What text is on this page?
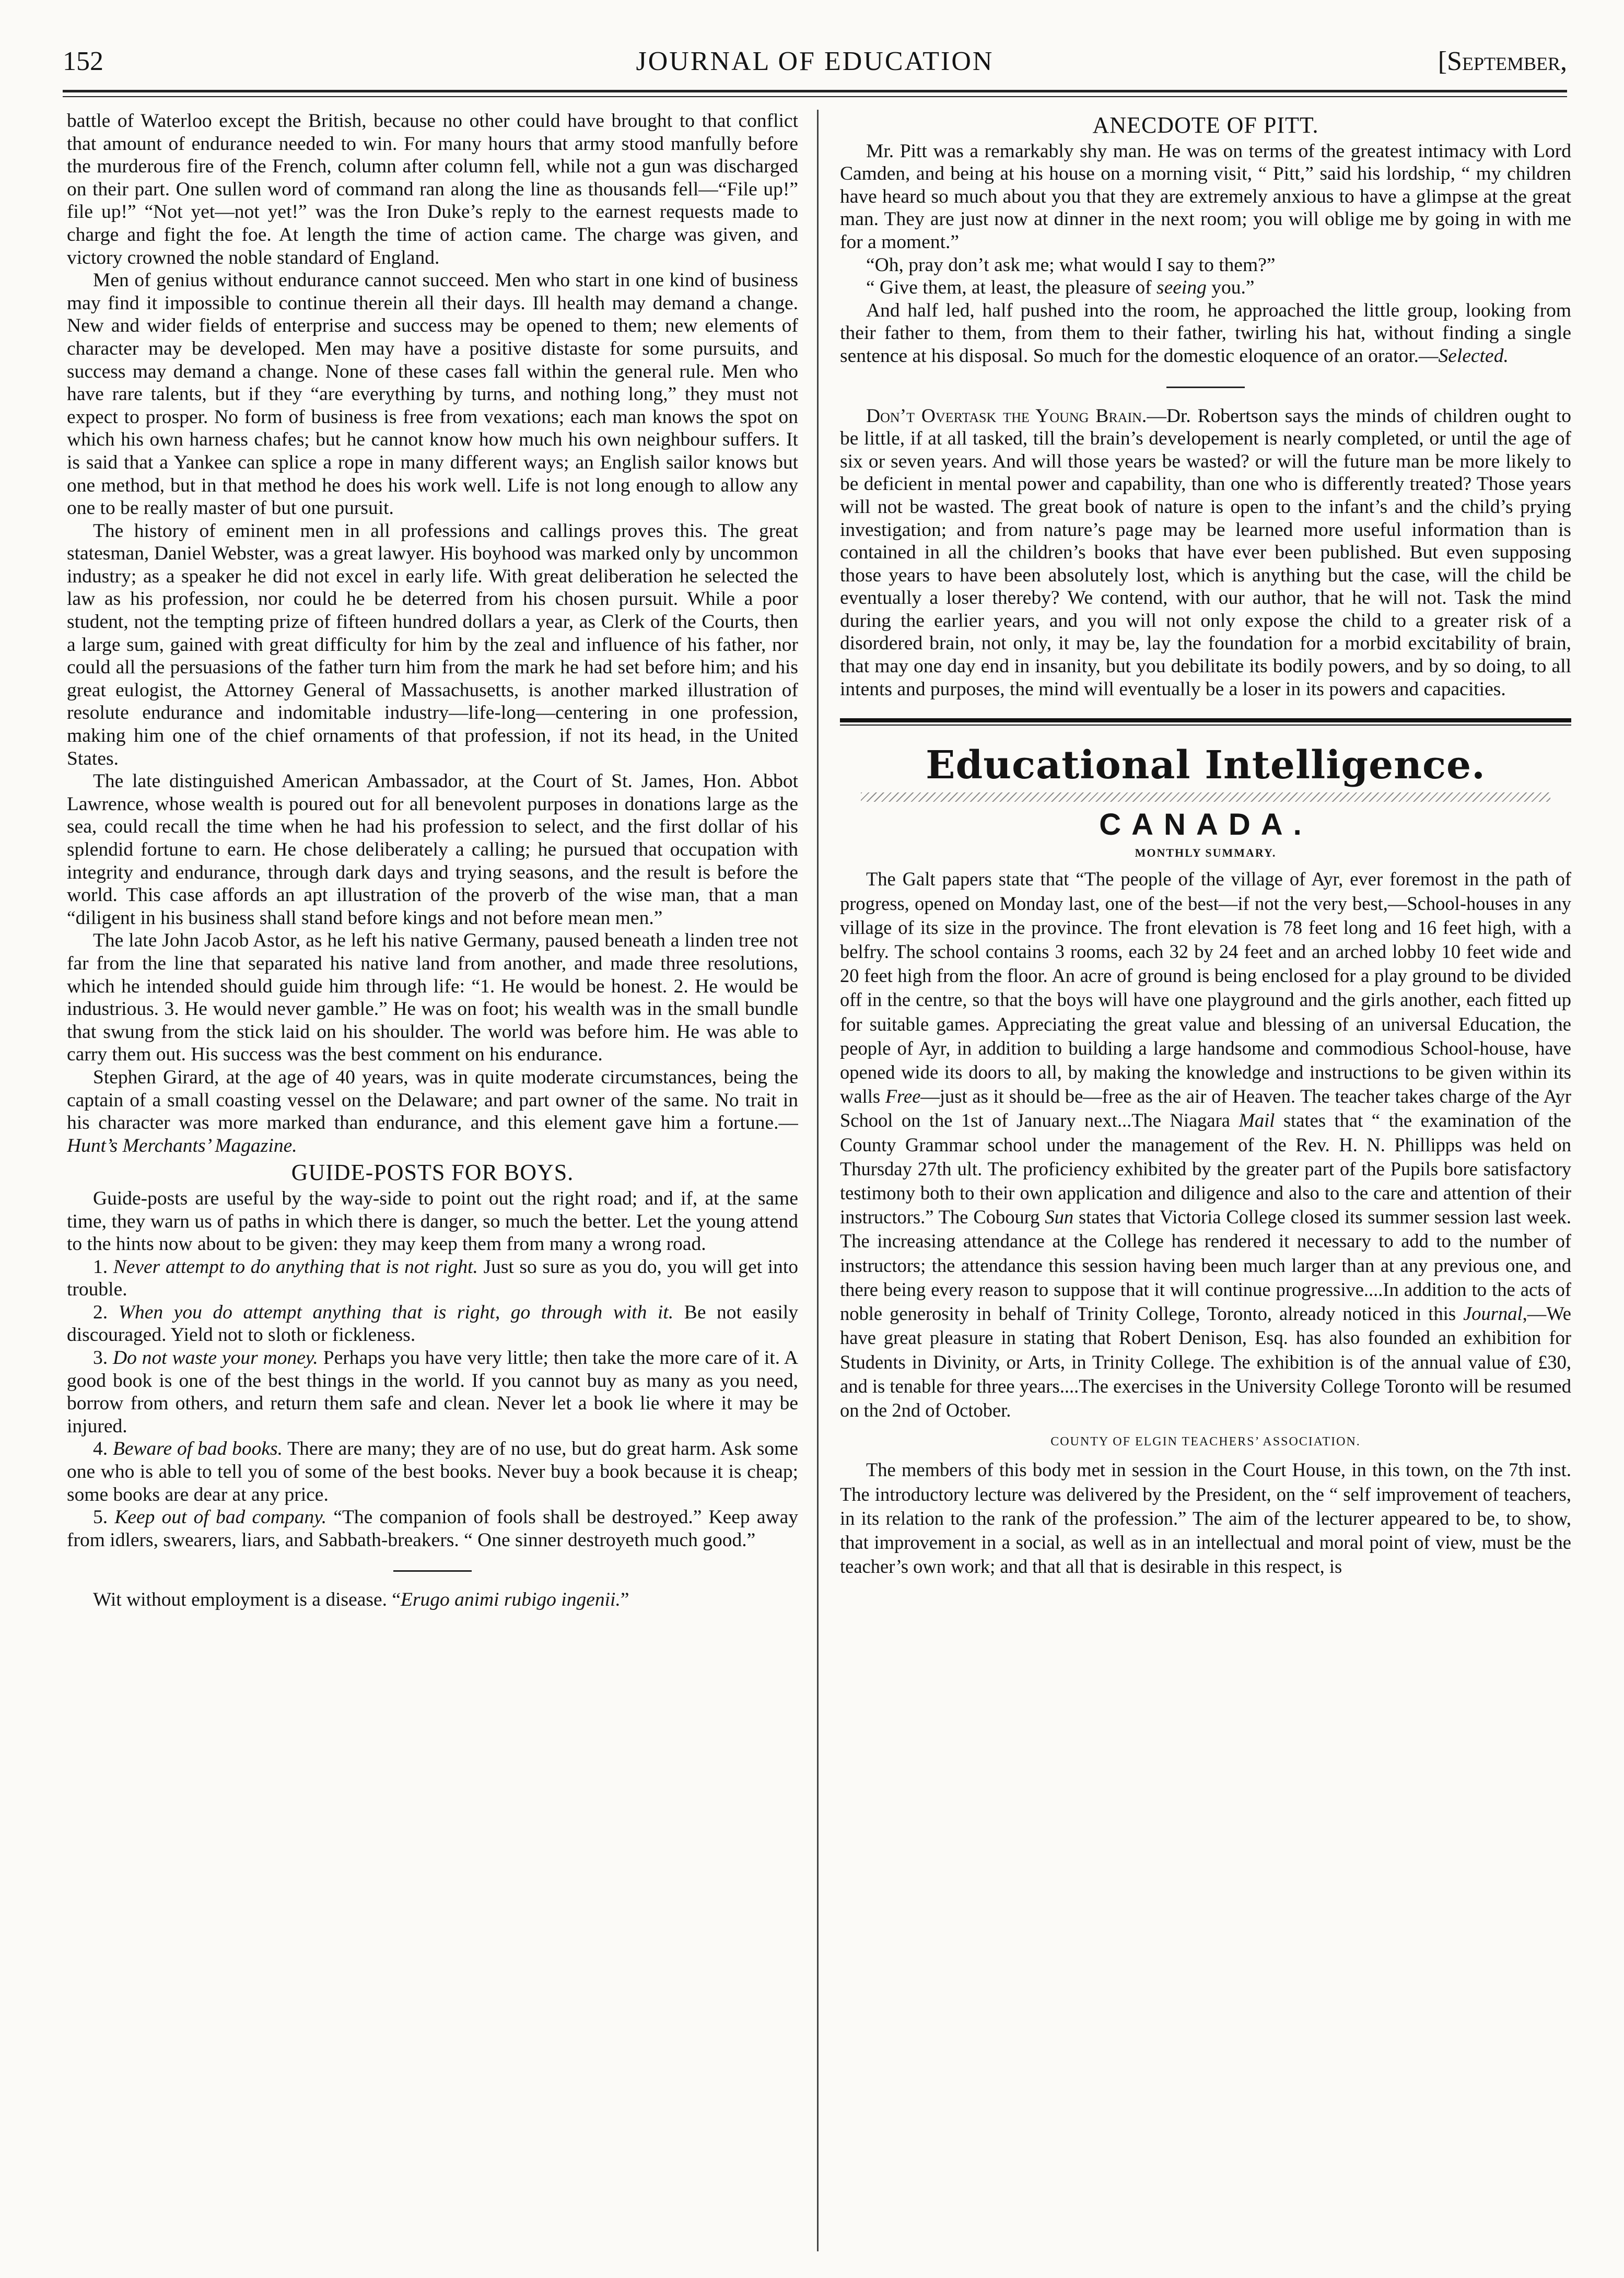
152	JOURNAL OF EDUCATION	[September,

battle of Waterloo except the British, because no other could have brought to that conflict that amount of endurance needed to win. For many hours that army stood manfully before the murderous fire of the French, column after column fell, while not a gun was discharged on their part. One sullen word of command ran along the line as thousands fell—“File up!” file up!” “Not yet—not yet!” was the Iron Duke’s reply to the earnest requests made to charge and fight the foe. At length the time of action came. The charge was given, and victory crowned the noble standard of England.

Men of genius without endurance cannot succeed. Men who start in one kind of business may find it impossible to continue therein all their days. Ill health may demand a change. New and wider fields of enterprise and success may be opened to them; new elements of character may be developed. Men may have a positive distaste for some pursuits, and success may demand a change. None of these cases fall within the general rule. Men who have rare talents, but if they “are everything by turns, and nothing long,” they must not expect to prosper. No form of business is free from vexations; each man knows the spot on which his own harness chafes; but he cannot know how much his own neighbour suffers. It is said that a Yankee can splice a rope in many different ways; an English sailor knows but one method, but in that method he does his work well. Life is not long enough to allow any one to be really master of but one pursuit.

The history of eminent men in all professions and callings proves this. The great statesman, Daniel Webster, was a great lawyer. His boyhood was marked only by uncommon industry; as a speaker he did not excel in early life. With great deliberation he selected the law as his profession, nor could he be deterred from his chosen pursuit. While a poor student, not the tempting prize of fifteen hundred dollars a year, as Clerk of the Courts, then a large sum, gained with great difficulty for him by the zeal and influence of his father, nor could all the persuasions of the father turn him from the mark he had set before him; and his great eulogist, the Attorney General of Massachusetts, is another marked illustration of resolute endurance and indomitable industry—life-long—centering in one profession, making him one of the chief ornaments of that profession, if not its head, in the United States.

The late distinguished American Ambassador, at the Court of St. James, Hon. Abbot Lawrence, whose wealth is poured out for all benevolent purposes in donations large as the sea, could recall the time when he had his profession to select, and the first dollar of his splendid fortune to earn. He chose deliberately a calling; he pursued that occupation with integrity and endurance, through dark days and trying seasons, and the result is before the world. This case affords an apt illustration of the proverb of the wise man, that a man “diligent in his business shall stand before kings and not before mean men.”

The late John Jacob Astor, as he left his native Germany, paused beneath a linden tree not far from the line that separated his native land from another, and made three resolutions, which he intended should guide him through life: “1. He would be honest. 2. He would be industrious. 3. He would never gamble.” He was on foot; his wealth was in the small bundle that swung from the stick laid on his shoulder. The world was before him. He was able to carry them out. His success was the best comment on his endurance.

Stephen Girard, at the age of 40 years, was in quite moderate circumstances, being the captain of a small coasting vessel on the Delaware; and part owner of the same. No trait in his character was more marked than endurance, and this element gave him a fortune.—Hunt’s Merchants’ Magazine.

GUIDE-POSTS FOR BOYS.

Guide-posts are useful by the way-side to point out the right road; and if, at the same time, they warn us of paths in which there is danger, so much the better. Let the young attend to the hints now about to be given: they may keep them from many a wrong road.

1. Never attempt to do anything that is not right. Just so sure as you do, you will get into trouble.

2. When you do attempt anything that is right, go through with it. Be not easily discouraged. Yield not to sloth or fickleness.

3. Do not waste your money. Perhaps you have very little; then take the more care of it. A good book is one of the best things in the world. If you cannot buy as many as you need, borrow from others, and return them safe and clean. Never let a book lie where it may be injured.

4. Beware of bad books. There are many; they are of no use, but do great harm. Ask some one who is able to tell you of some of the best books. Never buy a book because it is cheap; some books are dear at any price.

5. Keep out of bad company. “The companion of fools shall be destroyed.” Keep away from idlers, swearers, liars, and Sabbath-breakers. “ One sinner destroyeth much good.”

Wit without employment is a disease. “Erugo animi rubigo ingenii.”

ANECDOTE OF PITT.

Mr. Pitt was a remarkably shy man. He was on terms of the greatest intimacy with Lord Camden, and being at his house on a morning visit, “ Pitt,” said his lordship, “ my children have heard so much about you that they are extremely anxious to have a glimpse at the great man. They are just now at dinner in the next room; you will oblige me by going in with me for a moment.”

“Oh, pray don’t ask me; what would I say to them?”

“ Give them, at least, the pleasure of seeing you.”

And half led, half pushed into the room, he approached the little group, looking from their father to them, from them to their father, twirling his hat, without finding a single sentence at his disposal. So much for the domestic eloquence of an orator.—Selected.

Don’t Overtask the Young Brain.—Dr. Robertson says the minds of children ought to be little, if at all tasked, till the brain’s developement is nearly completed, or until the age of six or seven years. And will those years be wasted? or will the future man be more likely to be deficient in mental power and capability, than one who is differently treated? Those years will not be wasted. The great book of nature is open to the infant’s and the child’s prying investigation; and from nature’s page may be learned more useful information than is contained in all the children’s books that have ever been published. But even supposing those years to have been absolutely lost, which is anything but the case, will the child be eventually a loser thereby? We contend, with our author, that he will not. Task the mind during the earlier years, and you will not only expose the child to a greater risk of a disordered brain, not only, it may be, lay the foundation for a morbid excitability of brain, that may one day end in insanity, but you debilitate its bodily powers, and by so doing, to all intents and purposes, the mind will eventually be a loser in its powers and capacities.

Educational Intelligence.
CANADA.
MONTHLY SUMMARY.

The Galt papers state that “The people of the village of Ayr, ever foremost in the path of progress, opened on Monday last, one of the best—if not the very best,—School-houses in any village of its size in the province. The front elevation is 78 feet long and 16 feet high, with a belfry. The school contains 3 rooms, each 32 by 24 feet and an arched lobby 10 feet wide and 20 feet high from the floor. An acre of ground is being enclosed for a play ground to be divided off in the centre, so that the boys will have one playground and the girls another, each fitted up for suitable games. Appreciating the great value and blessing of an universal Education, the people of Ayr, in addition to building a large handsome and commodious School-house, have opened wide its doors to all, by making the knowledge and instructions to be given within its walls Free—just as it should be—free as the air of Heaven. The teacher takes charge of the Ayr School on the 1st of January next...The Niagara Mail states that “ the examination of the County Grammar school under the management of the Rev. H. N. Phillipps was held on Thursday 27th ult. The proficiency exhibited by the greater part of the Pupils bore satisfactory testimony both to their own application and diligence and also to the care and attention of their instructors.” The Cobourg Sun states that Victoria College closed its summer session last week. The increasing attendance at the College has rendered it necessary to add to the number of instructors; the attendance this session having been much larger than at any previous one, and there being every reason to suppose that it will continue progressive....In addition to the acts of noble generosity in behalf of Trinity College, Toronto, already noticed in this Journal,—We have great pleasure in stating that Robert Denison, Esq. has also founded an exhibition for Students in Divinity, or Arts, in Trinity College. The exhibition is of the annual value of £30, and is tenable for three years....The exercises in the University College Toronto will be resumed on the 2nd of October.

COUNTY OF ELGIN TEACHERS’ ASSOCIATION.

The members of this body met in session in the Court House, in this town, on the 7th inst. The introductory lecture was delivered by the President, on the “ self improvement of teachers, in its relation to the rank of the profession.” The aim of the lecturer appeared to be, to show, that improvement in a social, as well as in an intellectual and moral point of view, must be the teacher’s own work; and that all that is desirable in this respect, is
